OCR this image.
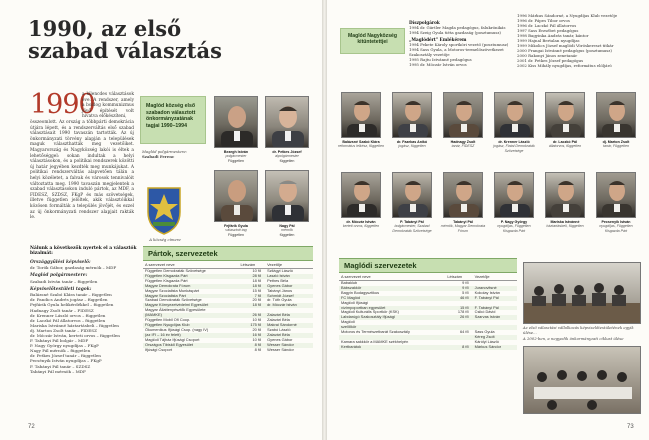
1990, az első szabad választás
1990
a kilencdes választások éve. A rendszer, amely a boldog kommunizmus jövő építését volt hivatva előkészíteni,
összeomlott. Az ország a többpárti demokrácia útjára lépett, és a rendszerváltás első szabad választásait 1990 tavaszán tartották. Az új önkormányzati törvény alapján a települések maguk választhatták meg vezetőiket. Magyarország és Nagyközség lakói is éltek a lehetőséggel: sokan indultak a helyi választásokon, és a politikai rendszerek közötti új határ jegyében kezdték meg munkájukat. A politikai rendszerváltás alapvetően tálán a helyi közéletet, a falvak és városok tennivalóit változtatta meg. 1990 tavaszán megjelentek a szabad választásokon induló pártok, az MDF, a FIDESZ, SZDSZ, FKgP és más szövetségek, illetve független jelöltek, akik választóikkal közösen formálták a település jövőjét, és ezzel az új önkormányzati rendszer alapjait rakták le.
Maglód község első szabadon választott önkormányzatának tagjai 1990–1994
Maglód polgármestere:
Szabadi Ferenc
A község címere
Bezegh István
polgármester
Független
dr. Petkes József
alpolgármester
független
Fejfárik Gyula
választott tag
Független
Nagy Pál
mérnök
független
Nálunk a következők nyertek el a választók bizalmát:
Országgyűlési képviselő:
dr. Torök Gábor, gazdaság mérnök – MDF
Maglód polgármestere:
Szabadi István tanár – független
Képviselőtestületi tagok:
Balázsné Szabó Klára tanár – független
dr. Pandics Andrés jogász – független
Fejfárik Gyula helikérdékkel – független
Hadnagy Zsolt tanár – FIDESZ
dr. Krenner László orvos – független
dr. Laczkó Pál állatorvos – független
Mariska Istvánné háztartásbeli – független
dj. Marton Zsolt tanár – FIDESZ
dr. Móczár István, kerteti orvos – független
F. Tabányi Pál bolgár – MDF
P. Nagy György nyugdíjas – FKgP
Nagy Pál mérnök – független
dr. Petkes József tanár – független
Pecsényik István nyugdíjas – FKgP
F. Tabányi Pál tanár – SZDSZ
Tabányi Pál mérnök – MDF
Pártok, szervezetek
A szervezet neve	Létszám	Vezetője
Független Demokraták Szövetsége	10 fő	Szilágyi László
Független Kisgazda Párt	28 fő	Laszló István
Független Kisgazda Párt	18 fő	Pethes Béla
Magyar Demokrata Fórum	18 fő	Gyenes Gábor
Magyar Szocialista Munkáspárt	15 fő	Tabányi János
Magyar Szocialista Párt	7 fő	Schmidt József
Szabad Demokraták Szövetsége	20 fő	dr. Tóth Gyula
Magyar Környezetvédelmi Egyesület	18 fő	dr. Móczár István
Magyar Állattenyésztők Egyesülete		
(MAMKE)	26 fő	Zalavári Béla
Független Mobil Ofl Coop.	10 fő	Zalavári Béla
Független Nyugdíjas Klub	175 fő	Makrai Sándorné
Ökumenikus Ifjúsági Csop. (nagy IV)	20 fő	Szabó László
(az IFI – 16 év felett)	16 fő	Zalavári Béla
Maglódi Tájház Ifjúsági Csoport	10 fő	Gyenes Gábor
Országos Tibiskő Egyesület	8 fő	Wesser Sándor
Ifjúsági Csoport	8 fő	Wesser Sándor
72
Maglód Nagyközség kitüntetettjei
Díszpolgárok
1994 dr. Gürtler Magda pedagógus, falukrónikás
1994 Szeig Gyula tiéta gazdaság (posztumusz)
„Maglódért” Emlékérem
1994 Fekete Károly sportköri vezető (posztumusz)
1994 Sass Gyula, a Motoros-termelőszövetkezet
Szakosztály vezetője
1995 Rajtu Istvánné pedagógus
1995 dr. Móczár István orvos
1996 Márkus Sándorné, a Nyugdíjas Klub vezetője
1996 dr. Pápes Tibor orvos
1996 dr. Laczkó Pál állatorvos
1997 Sass Erzsébet pedagógus
1998 Bagyinka András tanár, kántor
1999 Hajnal Bertalan nyugdíjas
1999 Mikolics József maglódi Vöröskereszt titkár
2000 Frangai Istvánné pedagógus (posztumusz)
2000 Rakonyi János zenetanár
2001 dr. Petkes József pedagógus
2002 Kiss Mihály nyugdíjas, református elöljáró
Balázsné Szabó Klára
református lelkész, független
dr. Fazekas Anikó
jogász, független
Hadnagy Zsolt
tanár, FIDESZ
dr. Krenner László
jogász, Fiatal Demokraták Szövetsége
dr. Laczkó Pál
állatorvos, független
dj. Marton Zsolt
tanár, Független
dr. Móczár István
kerteti orvos, független
P. Tabányi Pál
bolgármester, Szabad Demokraták Szövetsége
Tabányi Pál
mérnök, Magyar Demokrata Fórum
P. Nagy György
nyugdíjas, Független Kisgazda Párt
Mariska Istvánné
háztartásbeli, független
Pecsenyik István
nyugdíjas, Független Kisgazda Párt
Maglódi szervezetek
A szervezet neve	Létszám	Vezetője
Babaklub	9 fő	
Bábszakkör	9 fő	Juranovitsné
Bagyin Bodagysztikus	5 fő	Kokolay István
FC Maglód	46 fő	F. Tabányi Pál
Maglódi Ifjúsági		
vízimpoportban egyesület	15 fő	F. Tabányi Pál
Maglódi Kulturális Sportkör (KSK)	178 fő	Csikó Dávid
Labdarúgó Szakosztály Ifjúsági	26 fő	Szarvas István
Maglódi		
szellőkör		
Motoros és Természetbarát Szakosztály	64 fő	Sass Gyula
		Kéreg Zsolt
Kamara sakkkör a MAMKE székhelyén		Kárólyi László
Kertbarátok	8 fő	Márkus Sándor
Az első választási vállalkozás képviselőtestületének egyik ülése...
A 2002-ben, a negyedik önkormányzati ciklust ülése
73
